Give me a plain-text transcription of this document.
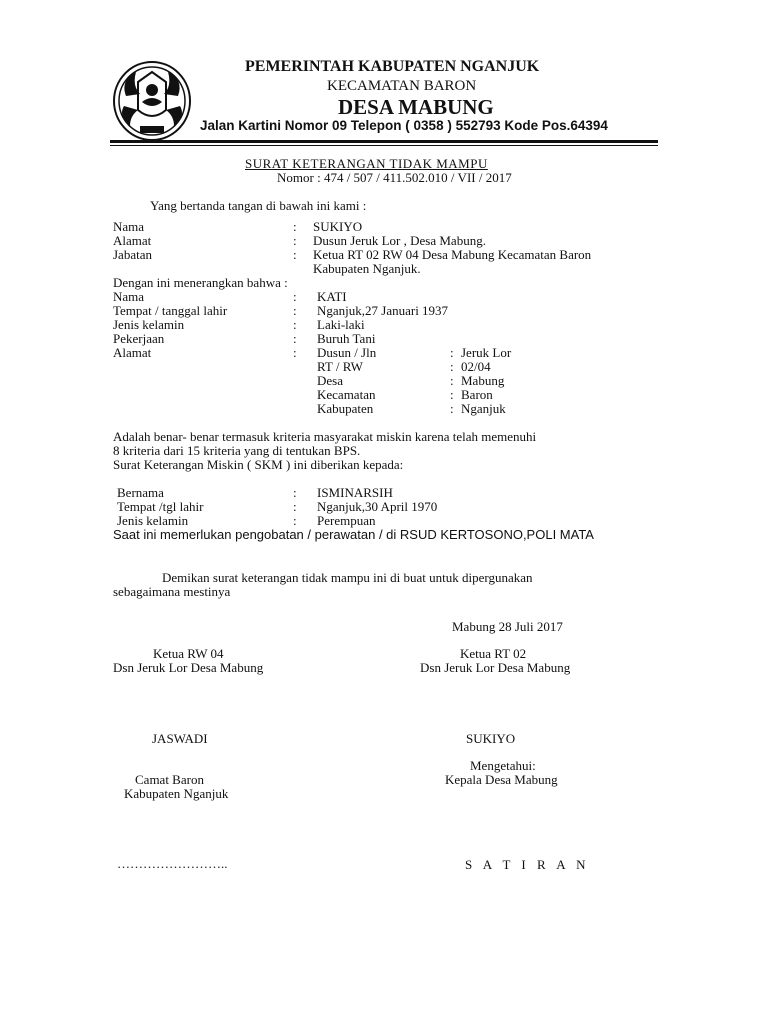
PEMERINTAH KABUPATEN NGANJUK
KECAMATAN BARON
DESA MABUNG
Jalan Kartini Nomor 09 Telepon ( 0358 ) 552793 Kode Pos.64394
SURAT KETERANGAN TIDAK MAMPU
Nomor : 474 / 507 / 411.502.010 / VII / 2017
Yang bertanda tangan di bawah ini kami :
Nama	: SUKIYO
Alamat	: Dusun Jeruk Lor , Desa Mabung.
Jabatan	: Ketua RT 02 RW 04 Desa Mabung Kecamatan Baron
Kabupaten Nganjuk.
Dengan ini menerangkan bahwa :
Nama	: KATI
Tempat / tanggal lahir	: Nganjuk,27 Januari 1937
Jenis kelamin	: Laki-laki
Pekerjaan	: Buruh Tani
Alamat	: Dusun / Jln	: Jeruk Lor
RT / RW	: 02/04
Desa	: Mabung
Kecamatan	: Baron
Kabupaten	: Nganjuk
Adalah benar- benar termasuk kriteria masyarakat miskin karena telah memenuhi
8 kriteria dari 15 kriteria yang di tentukan BPS.
Surat Keterangan Miskin ( SKM ) ini diberikan kepada:
Bernama	: ISMINARSIH
Tempat /tgl lahir	: Nganjuk,30 April 1970
Jenis kelamin	: Perempuan
Saat ini memerlukan pengobatan / perawatan / di RSUD KERTOSONO,POLI MATA
Demikan surat keterangan tidak mampu ini di buat untuk dipergunakan
sebagaimana mestinya
Mabung 28 Juli 2017
Ketua RW 04
Dsn Jeruk Lor Desa Mabung
Ketua RT 02
Dsn Jeruk Lor Desa Mabung
JASWADI	SUKIYO
Mengetahui:
Camat Baron	Kepala Desa Mabung
Kabupaten Nganjuk
……………………..	S A T I R A N
